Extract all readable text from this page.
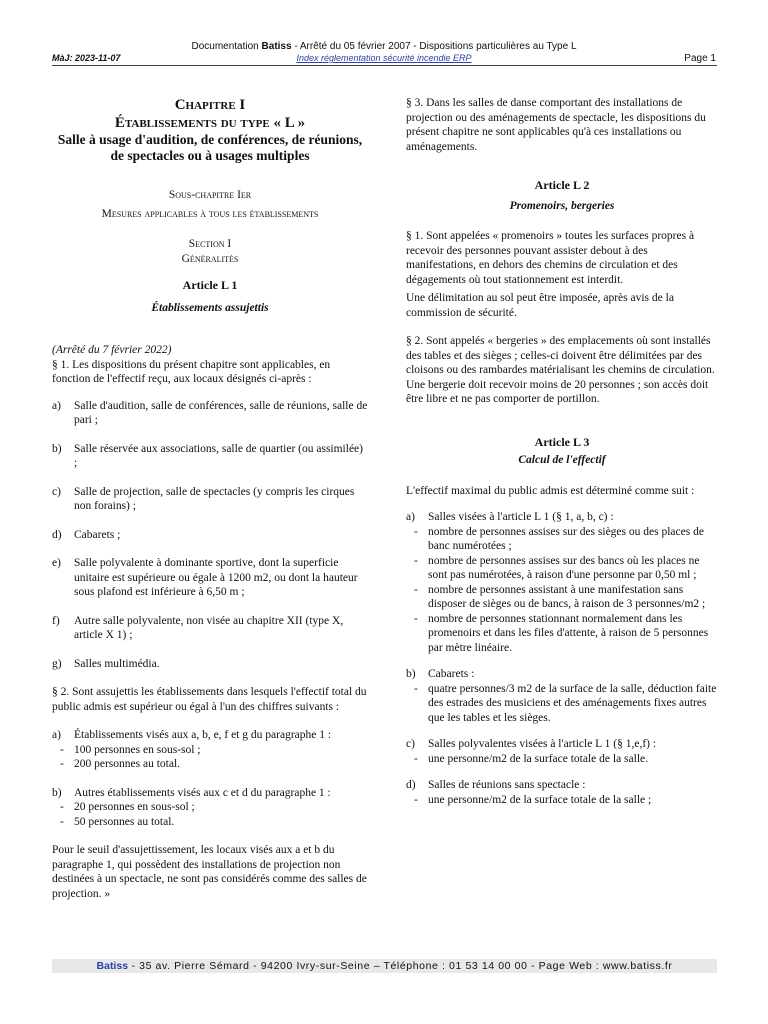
Documentation Batiss - Arrêté du 05 février 2007 - Dispositions particulières au Type L
MàJ: 2023-11-07	Index réglementation sécurité incendie ERP	Page 1

Chapitre I

Établissements du type « L »

Salle à usage d'audition, de conférences, de réunions, de spectacles ou à usages multiples

Sous-chapitre Ier

Mesures applicables à tous les établissements

Section I

Généralités

Article L 1

Établissements assujettis

(Arrêté du 7 février 2022)

§ 1. Les dispositions du présent chapitre sont applicables, en fonction de l'effectif reçu, aux locaux désignés ci-après :

a) Salle d'audition, salle de conférences, salle de réunions, salle de pari ;
b) Salle réservée aux associations, salle de quartier (ou assimilée) ;
c) Salle de projection, salle de spectacles (y compris les cirques non forains) ;
d) Cabarets ;
e) Salle polyvalente à dominante sportive, dont la superficie unitaire est supérieure ou égale à 1200 m2, ou dont la hauteur sous plafond est inférieure à 6,50 m ;
f) Autre salle polyvalente, non visée au chapitre XII (type X, article X 1) ;
g) Salles multimédia.

§ 2. Sont assujettis les établissements dans lesquels l'effectif total du public admis est supérieur ou égal à l'un des chiffres suivants :

a) Établissements visés aux a, b, e, f et g du paragraphe 1 :
- 100 personnes en sous-sol ;
- 200 personnes au total.
b) Autres établissements visés aux c et d du paragraphe 1 :
- 20 personnes en sous-sol ;
- 50 personnes au total.

Pour le seuil d'assujettissement, les locaux visés aux a et b du paragraphe 1, qui possèdent des installations de projection non destinées à un spectacle, ne sont pas considérés comme des salles de projection. »

§ 3. Dans les salles de danse comportant des installations de projection ou des aménagements de spectacle, les dispositions du présent chapitre ne sont applicables qu'à ces installations ou aménagements.

Article L 2

Promenoirs, bergeries

§ 1. Sont appelées « promenoirs » toutes les surfaces propres à recevoir des personnes pouvant assister debout à des manifestations, en dehors des chemins de circulation et des dégagements où tout stationnement est interdit.

Une délimitation au sol peut être imposée, après avis de la commission de sécurité.

§ 2. Sont appelés « bergeries » des emplacements où sont installés des tables et des sièges ; celles-ci doivent être délimitées par des cloisons ou des rambardes matérialisant les chemins de circulation. Une bergerie doit recevoir moins de 20 personnes ; son accès doit être libre et ne pas comporter de portillon.

Article L 3

Calcul de l'effectif

L'effectif maximal du public admis est déterminé comme suit :

a) Salles visées à l'article L 1 (§ 1, a, b, c) :
- nombre de personnes assises sur des sièges ou des places de banc numérotées ;
- nombre de personnes assises sur des bancs où les places ne sont pas numérotées, à raison d'une personne par 0,50 ml ;
- nombre de personnes assistant à une manifestation sans disposer de sièges ou de bancs, à raison de 3 personnes/m2 ;
- nombre de personnes stationnant normalement dans les promenoirs et dans les files d'attente, à raison de 5 personnes par mètre linéaire.
b) Cabarets :
- quatre personnes/3 m2 de la surface de la salle, déduction faite des estrades des musiciens et des aménagements fixes autres que les tables et les sièges.
c) Salles polyvalentes visées à l'article L 1 (§ 1,e,f) :
- une personne/m2 de la surface totale de la salle.
d) Salles de réunions sans spectacle :
- une personne/m2 de la surface totale de la salle ;
Batiss - 35 av. Pierre Sémard - 94200 Ivry-sur-Seine – Téléphone : 01 53 14 00 00 - Page Web : www.batiss.fr
